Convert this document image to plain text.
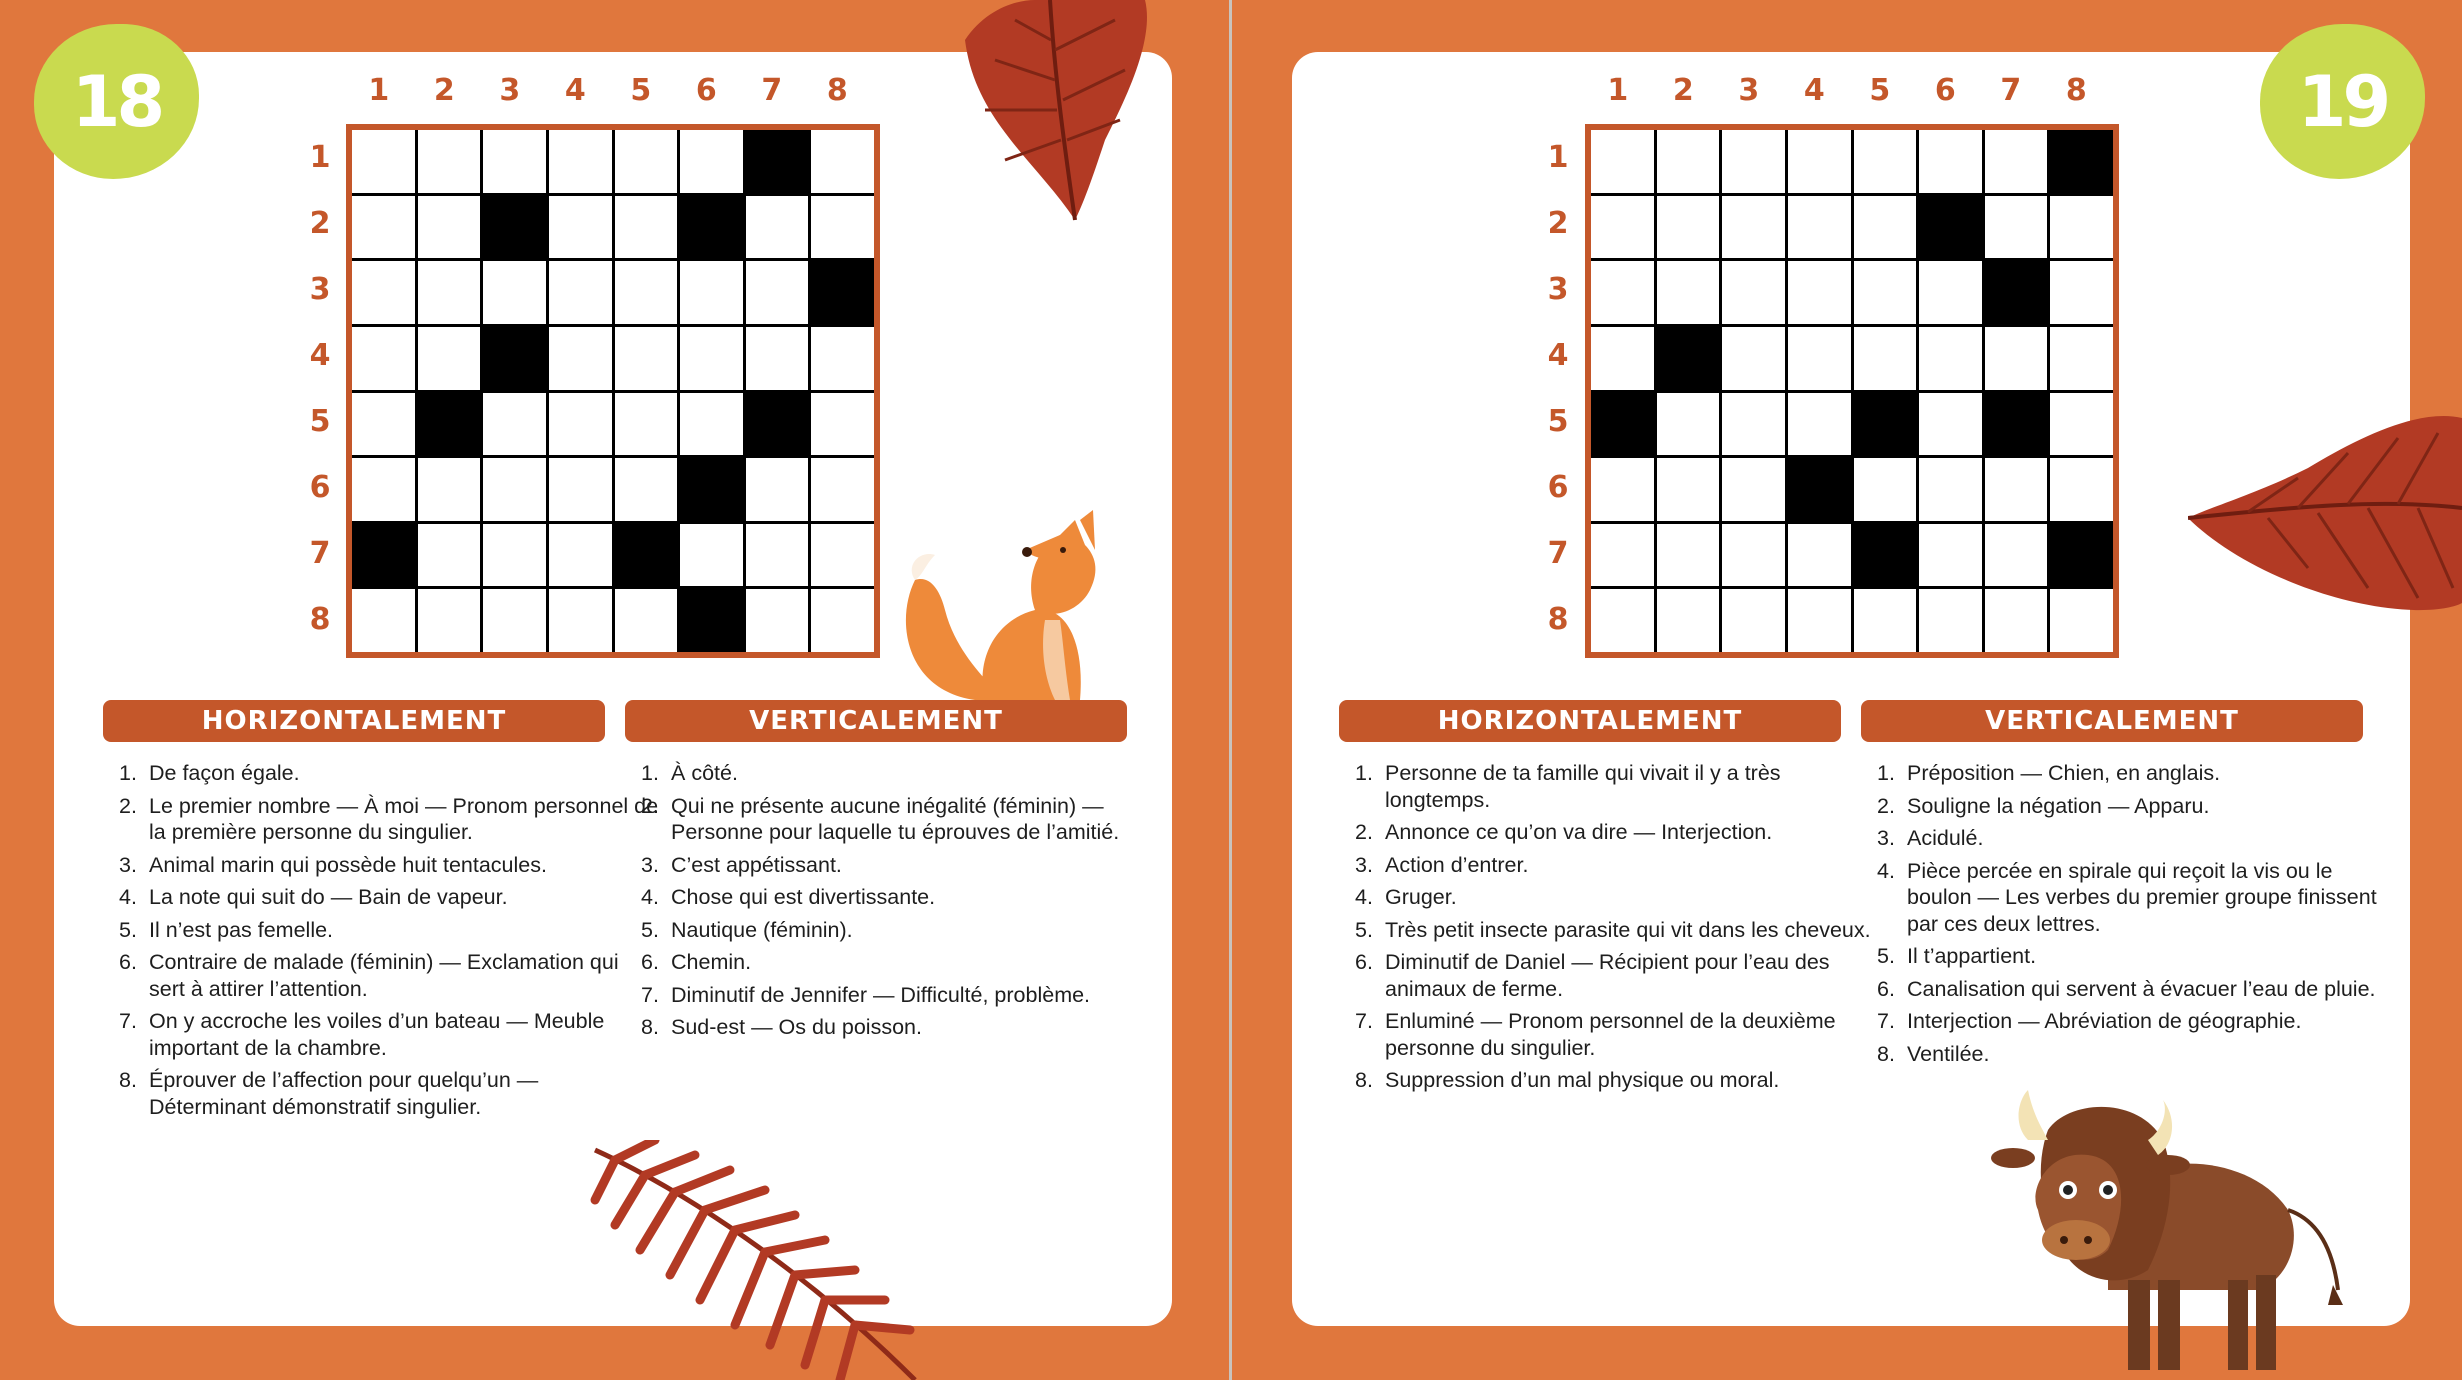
18	1	2	3	4	5	6	7	8
1
2
3
4
5
6
7
8
HORIZONTALEMENT	VERTICALEMENT
De façon égale.
Le premier nombre — À moi — Pronom personnel de la première personne du singulier.
Animal marin qui possède huit tentacules.
La note qui suit do — Bain de vapeur.
Il n’est pas femelle.
Contraire de malade (féminin) — Exclamation qui sert à attirer l’attention.
On y accroche les voiles d’un bateau — Meuble important de la chambre.
Éprouver de l’affection pour quelqu’un — Déterminant démonstratif singulier.
À côté.
Qui ne présente aucune inégalité (féminin) — Personne pour laquelle tu éprouves de l’amitié.
C’est appétissant.
Chose qui est divertissante.
Nautique (féminin).
Chemin.
Diminutif de Jennifer — Difficulté, problème.
Sud-est — Os du poisson.
19
1	2	3	4	5	6	7	8
1
2
3
4
5
6
7
8
HORIZONTALEMENT	VERTICALEMENT
Personne de ta famille qui vivait il y a très longtemps.
Annonce ce qu’on va dire — Interjection.
Action d’entrer.
Gruger.
Très petit insecte parasite qui vit dans les cheveux.
Diminutif de Daniel — Récipient pour l’eau des animaux de ferme.
Enluminé — Pronom personnel de la deuxième personne du singulier.
Suppression d’un mal physique ou moral.
Préposition — Chien, en anglais.
Souligne la négation — Apparu.
Acidulé.
Pièce percée en spirale qui reçoit la vis ou le boulon — Les verbes du premier groupe finissent par ces deux lettres.
Il t’appartient.
Canalisation qui servent à évacuer l’eau de pluie.
Interjection — Abréviation de géographie.
Ventilée.
